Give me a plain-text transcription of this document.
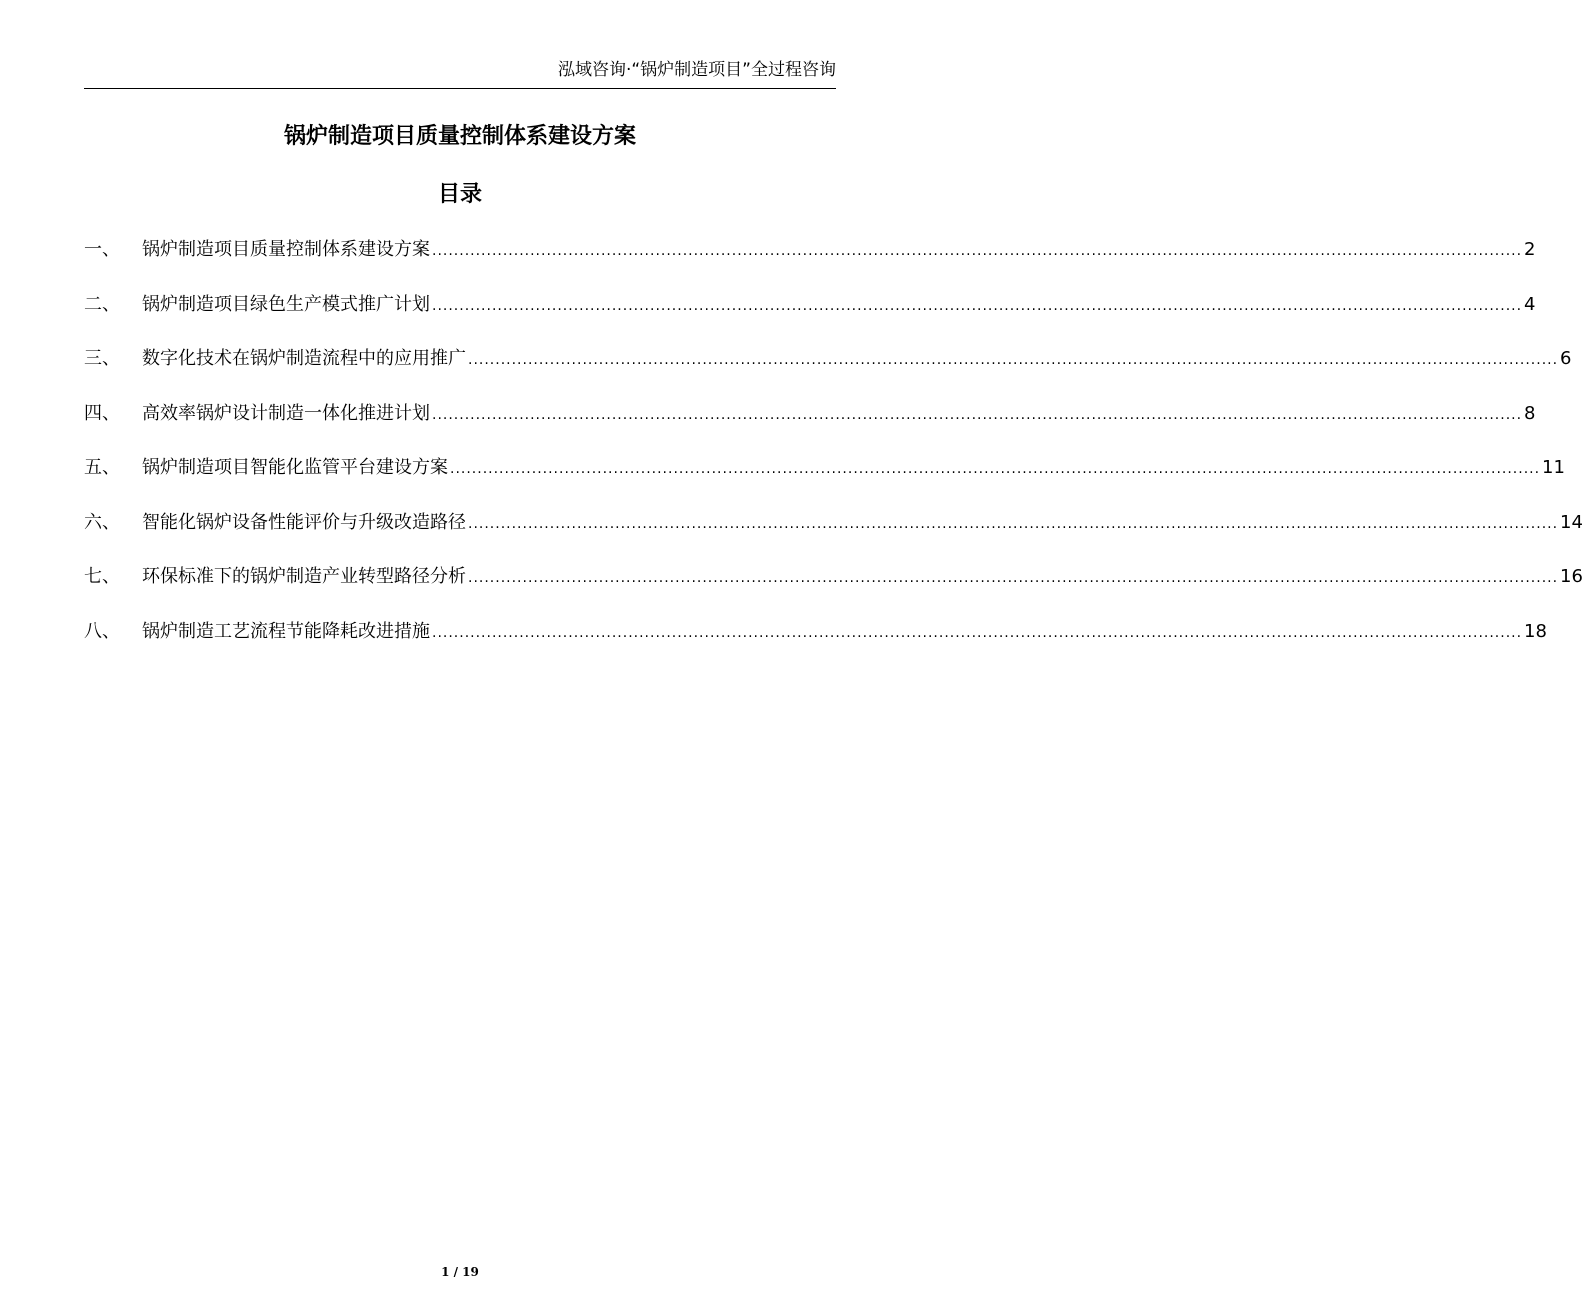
泓域咨询·“锅炉制造项目”全过程咨询
锅炉制造项目质量控制体系建设方案
目录
一、	锅炉制造项目质量控制体系建设方案 ........................................................................................................................................................................................................ 2
二、	锅炉制造项目绿色生产模式推广计划 ........................................................................................................................................................................................................ 4
三、	数字化技术在锅炉制造流程中的应用推广 ........................................................................................................................................................................................................ 6
四、	高效率锅炉设计制造一体化推进计划 ........................................................................................................................................................................................................ 8
五、	锅炉制造项目智能化监管平台建设方案 ........................................................................................................................................................................................................ 11
六、	智能化锅炉设备性能评价与升级改造路径 ........................................................................................................................................................................................................ 14
七、	环保标准下的锅炉制造产业转型路径分析 ........................................................................................................................................................................................................ 16
八、	锅炉制造工艺流程节能降耗改进措施 ........................................................................................................................................................................................................ 18
1 / 19
